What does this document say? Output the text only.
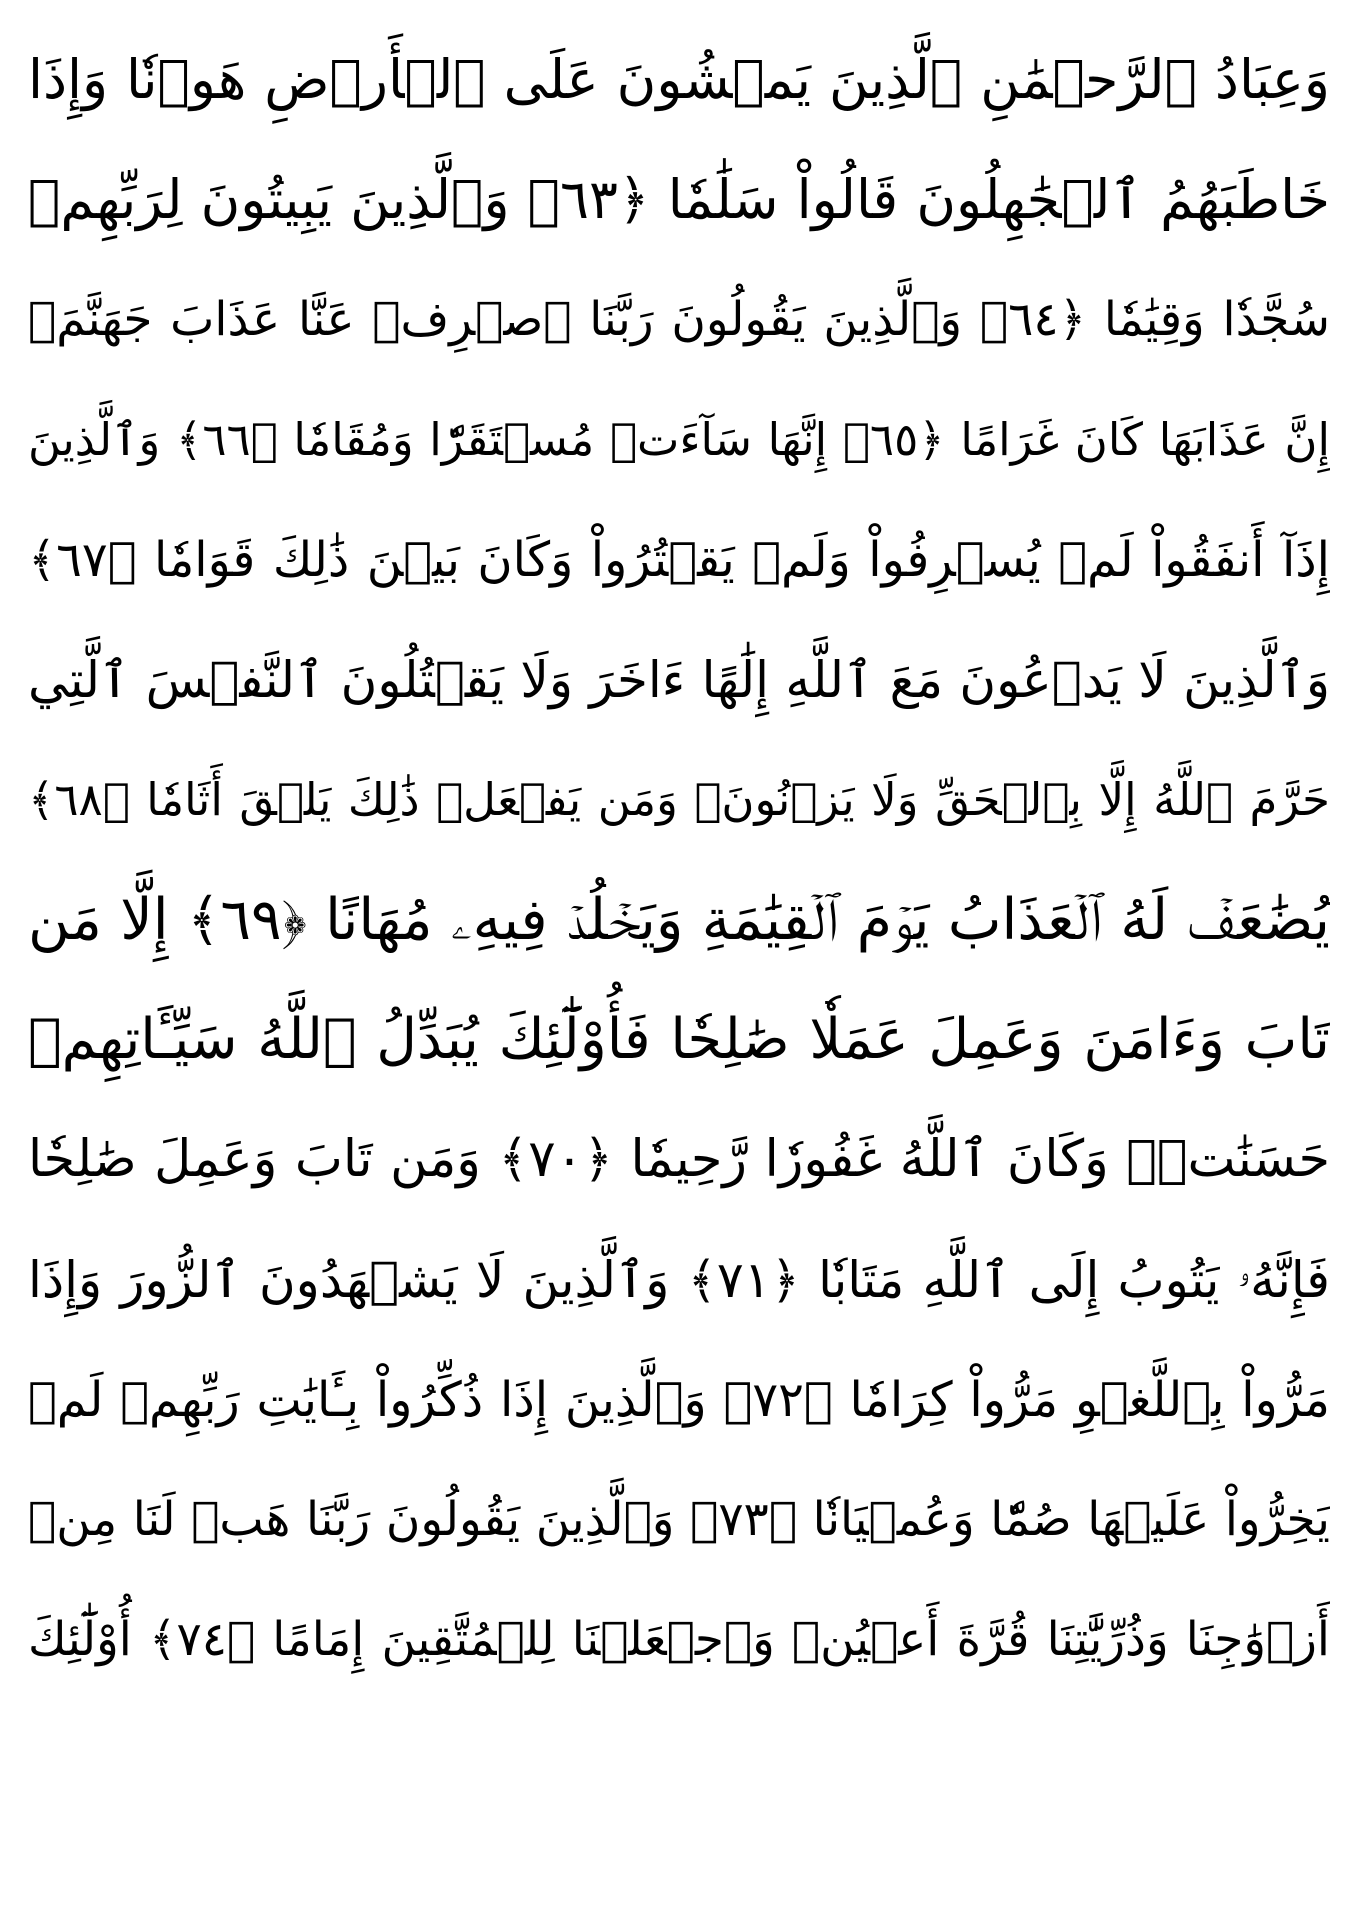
وَعِبَادُ ٱلرَّحۡمَٰنِ ٱلَّذِينَ يَمۡشُونَ عَلَى ٱلۡأَرۡضِ هَوۡنٗا وَإِذَا
خَاطَبَهُمُ ٱلۡجَٰهِلُونَ قَالُواْ سَلَٰمٗا ﴿٦٣﴾ وَٱلَّذِينَ يَبِيتُونَ لِرَبِّهِمۡ
سُجَّدٗا وَقِيَٰمٗا ﴿٦٤﴾ وَٱلَّذِينَ يَقُولُونَ رَبَّنَا ٱصۡرِفۡ عَنَّا عَذَابَ جَهَنَّمَۖ
إِنَّ عَذَابَهَا كَانَ غَرَامًا ﴿٦٥﴾ إِنَّهَا سَآءَتۡ مُسۡتَقَرّٗا وَمُقَامٗا ﴿٦٦﴾ وَٱلَّذِينَ
إِذَآ أَنفَقُواْ لَمۡ يُسۡرِفُواْ وَلَمۡ يَقۡتُرُواْ وَكَانَ بَيۡنَ ذَٰلِكَ قَوَامٗا ﴿٦٧﴾
وَٱلَّذِينَ لَا يَدۡعُونَ مَعَ ٱللَّهِ إِلَٰهًا ءَاخَرَ وَلَا يَقۡتُلُونَ ٱلنَّفۡسَ ٱلَّتِي
حَرَّمَ ٱللَّهُ إِلَّا بِٱلۡحَقِّ وَلَا يَزۡنُونَۚ وَمَن يَفۡعَلۡ ذَٰلِكَ يَلۡقَ أَثَامٗا ﴿٦٨﴾
يُضَٰعَفۡ لَهُ ٱلۡعَذَابُ يَوۡمَ ٱلۡقِيَٰمَةِ وَيَخۡلُدۡ فِيهِۦ مُهَانًا ﴿٦٩﴾ إِلَّا مَن
تَابَ وَءَامَنَ وَعَمِلَ عَمَلٗا صَٰلِحٗا فَأُوْلَٰٓئِكَ يُبَدِّلُ ٱللَّهُ سَيِّـَٔاتِهِمۡ
حَسَنَٰتٖۗ وَكَانَ ٱللَّهُ غَفُورٗا رَّحِيمٗا ﴿٧٠﴾ وَمَن تَابَ وَعَمِلَ صَٰلِحٗا
فَإِنَّهُۥ يَتُوبُ إِلَى ٱللَّهِ مَتَابٗا ﴿٧١﴾ وَٱلَّذِينَ لَا يَشۡهَدُونَ ٱلزُّورَ وَإِذَا
مَرُّواْ بِٱللَّغۡوِ مَرُّواْ كِرَامٗا ﴿٧٢﴾ وَٱلَّذِينَ إِذَا ذُكِّرُواْ بِـَٔايَٰتِ رَبِّهِمۡ لَمۡ
يَخِرُّواْ عَلَيۡهَا صُمّٗا وَعُمۡيَانٗا ﴿٧٣﴾ وَٱلَّذِينَ يَقُولُونَ رَبَّنَا هَبۡ لَنَا مِنۡ
أَزۡوَٰجِنَا وَذُرِّيَّٰتِنَا قُرَّةَ أَعۡيُنٖ وَٱجۡعَلۡنَا لِلۡمُتَّقِينَ إِمَامًا ﴿٧٤﴾ أُوْلَٰٓئِكَ
